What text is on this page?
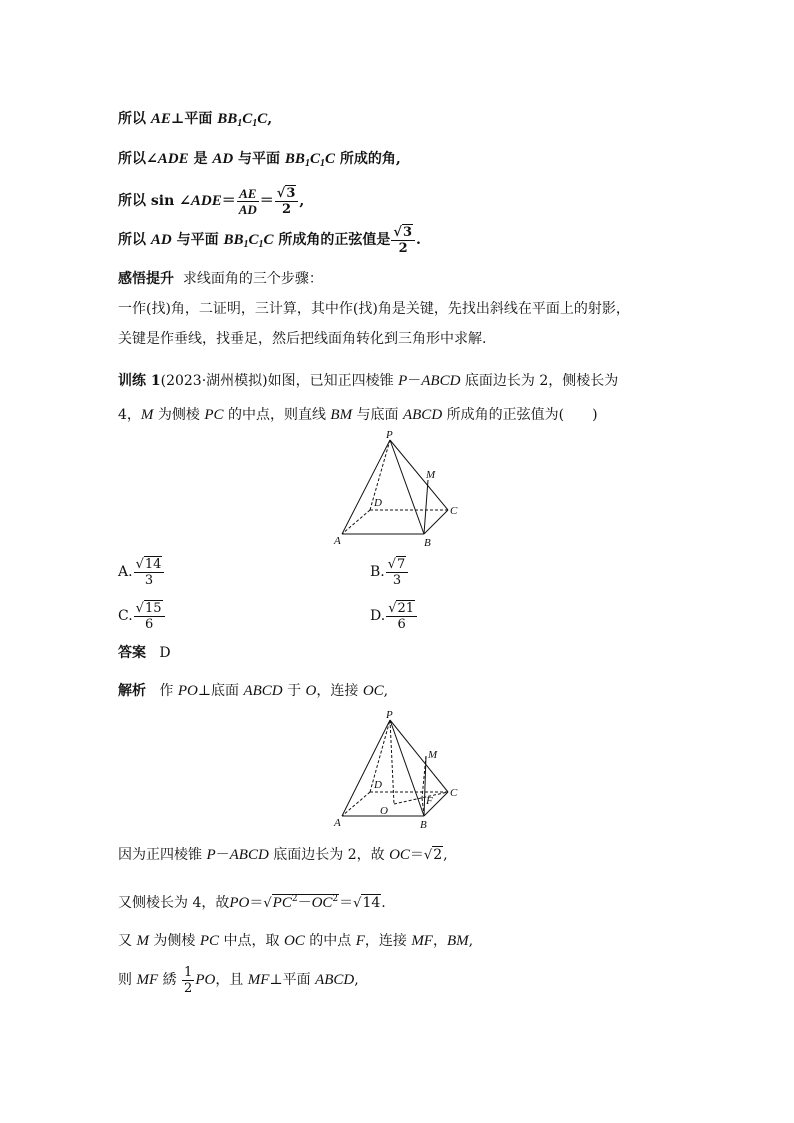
所以 AE⊥平面 $BB_1C_1C$,
所以∠ADE 是 AD 与平面 $BB_1C_1C$ 所成的角,
所以 sin ∠ADE＝ $\frac{AE}{AD} = \frac{√3}{2}$ ,
所以 AD 与平面 $BB_1C_1C$ 所成角的正弦值是 $\frac{√3}{2}$ .
感悟提升 求线面角的三个步骤：
一作(找)角，二证明，三计算，其中作(找)角是关键，先找出斜线在平面上的射影，
关键是作垂线，找垂足，然后把线面角转化到三角形中求解.
训练 1(2023·湖州模拟)如图，已知正四棱锥 P－ABCD 底面边长为 2，侧棱长为
4，M 为侧棱 PC 的中点，则直线 BM 与底面 ABCD 所成角的正弦值为(　　)
P
M
D
C
A	B
A. $\frac{√14}{3}$	B. $\frac{√7}{3}$
C. $\frac{√15}{6}$	D. $\frac{√21}{6}$
答案 D
解析 作 PO⊥底面 ABCD 于 O，连接 OC,
P
M
D
C
A	B
O
F
因为正四棱锥 P－ABCD 底面边长为 2，故 OC＝√2,
又侧棱长为 4，故$PO=√PC^2-OC^2=√14$.
又 M 为侧棱 PC 中点，取 OC 的中点 F，连接 MF，BM,
则 MF 綉 $\frac{1}{2}$ PO，且 MF⊥平面 ABCD,
